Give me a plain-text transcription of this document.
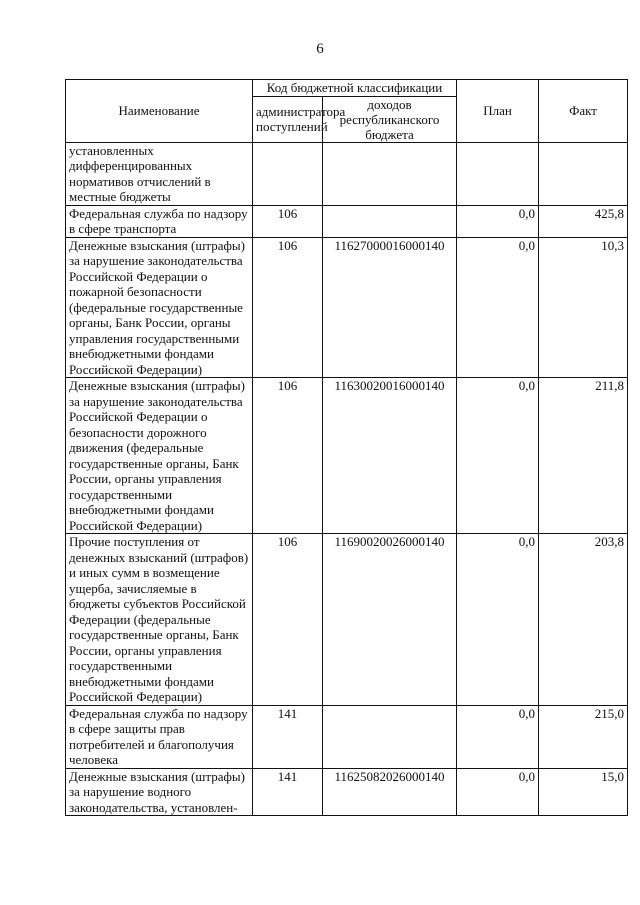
6
Наименование	Код бюджетной классификации		План	Факт
	администратора поступлений	доходов республиканского бюджета		
установленных дифференцированных нормативов отчислений в местные бюджеты				
Федеральная служба по надзору в сфере транспорта	106		0,0	425,8
Денежные взыскания (штрафы) за нарушение законодательства Российской Федерации о пожарной безопасности (федеральные государственные органы, Банк России, органы управления государственными внебюджетными фондами Российской Федерации)	106	11627000016000140	0,0	10,3
Денежные взыскания (штрафы) за нарушение законодательства Российской Федерации о безопасности дорожного движения (федеральные государственные органы, Банк России, органы управления государственными внебюджетными фондами Российской Федерации)	106	11630020016000140	0,0	211,8
Прочие поступления от денежных взысканий (штрафов) и иных сумм в возмещение ущерба, зачисляемые в бюджеты субъектов Российской Федерации (федеральные государственные органы, Банк России, органы управления государственными внебюджетными фондами Российской Федерации)	106	11690020026000140	0,0	203,8
Федеральная служба по надзору в сфере защиты прав потребителей и благополучия человека	141		0,0	215,0
Денежные взыскания (штрафы) за нарушение водного законодательства, установлен-	141	11625082026000140	0,0	15,0
